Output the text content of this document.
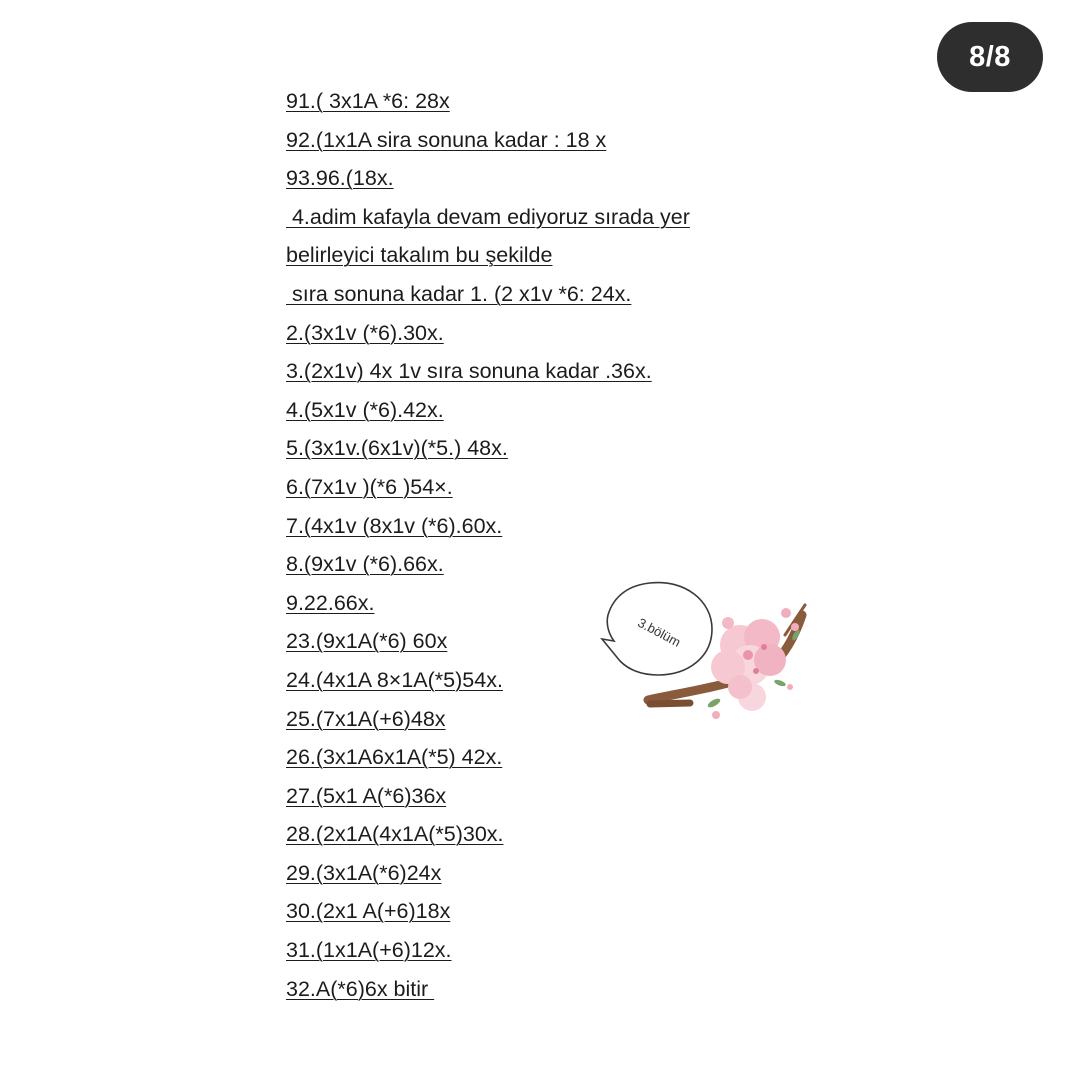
8/8
91.( 3x1A *6: 28x
92.(1x1A sira sonuna kadar : 18 x
93.96.(18x.
4.adim kafayla devam ediyoruz sırada yer
belirleyici takalım bu şekilde
sıra sonuna kadar 1. (2 x1v *6: 24x.
2.(3x1v (*6).30x.
3.(2x1v) 4x 1v sıra sonuna kadar .36x.
4.(5x1v (*6).42x.
5.(3x1v.(6x1v)(*5.) 48x.
6.(7x1v )(*6 )54×.
7.(4x1v (8x1v (*6).60x.
8.(9x1v (*6).66x.
9.22.66x.
23.(9x1A(*6) 60x
24.(4x1A 8×1A(*5)54x.
25.(7x1A(+6)48x
26.(3x1A6x1A(*5) 42x.
27.(5x1 A(*6)36x
28.(2x1A(4x1A(*5)30x.
29.(3x1A(*6)24x
30.(2x1 A(+6)18x
31.(1x1A(+6)12x.
32.A(*6)6x bitir
3.bölüm
